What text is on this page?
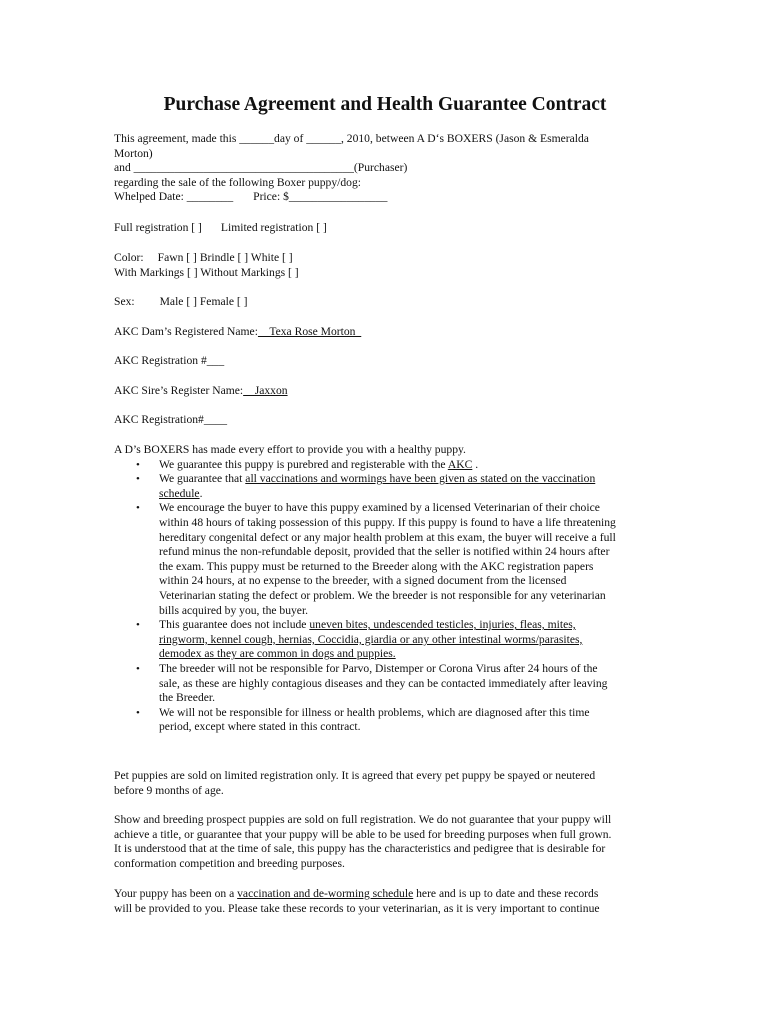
Purchase Agreement and Health Guarantee Contract

This agreement, made this ______day of ______, 2010, between A D‘s BOXERS (Jason & Esmeralda

Morton)

and ______________________________________(Purchaser)

regarding the sale of the following Boxer puppy/dog:

Whelped Date: ________ Price: $_________________

Full registration [ ] Limited registration [ ]

Color: Fawn [ ] Brindle [ ] White [ ]

With Markings [ ] Without Markings [ ]

Sex: Male [ ] Female [ ]

AKC Dam’s Registered Name:    Texa Rose Morton

AKC Registration #___

AKC Sire’s Register Name:    Jaxxon

AKC Registration#____

A D’s BOXERS has made every effort to provide you with a healthy puppy.

• We guarantee this puppy is purebred and registerable with the AKC .
• We guarantee that all vaccinations and wormings have been given as stated on the vaccination
schedule.
• We encourage the buyer to have this puppy examined by a licensed Veterinarian of their choice
within 48 hours of taking possession of this puppy. If this puppy is found to have a life threatening
hereditary congenital defect or any major health problem at this exam, the buyer will receive a full
refund minus the non-refundable deposit, provided that the seller is notified within 24 hours after
the exam. This puppy must be returned to the Breeder along with the AKC registration papers
within 24 hours, at no expense to the breeder, with a signed document from the licensed
Veterinarian stating the defect or problem. We the breeder is not responsible for any veterinarian
bills acquired by you, the buyer.
• This guarantee does not include uneven bites, undescended testicles, injuries, fleas, mites,
ringworm, kennel cough, hernias, Coccidia, giardia or any other intestinal worms/parasites,
demodex as they are common in dogs and puppies.
• The breeder will not be responsible for Parvo, Distemper or Corona Virus after 24 hours of the
sale, as these are highly contagious diseases and they can be contacted immediately after leaving
the Breeder.
• We will not be responsible for illness or health problems, which are diagnosed after this time
period, except where stated in this contract.

Pet puppies are sold on limited registration only. It is agreed that every pet puppy be spayed or neutered

before 9 months of age.

Show and breeding prospect puppies are sold on full registration. We do not guarantee that your puppy will

achieve a title, or guarantee that your puppy will be able to be used for breeding purposes when full grown.

It is understood that at the time of sale, this puppy has the characteristics and pedigree that is desirable for

conformation competition and breeding purposes.

Your puppy has been on a vaccination and de-worming schedule here and is up to date and these records

will be provided to you. Please take these records to your veterinarian, as it is very important to continue
